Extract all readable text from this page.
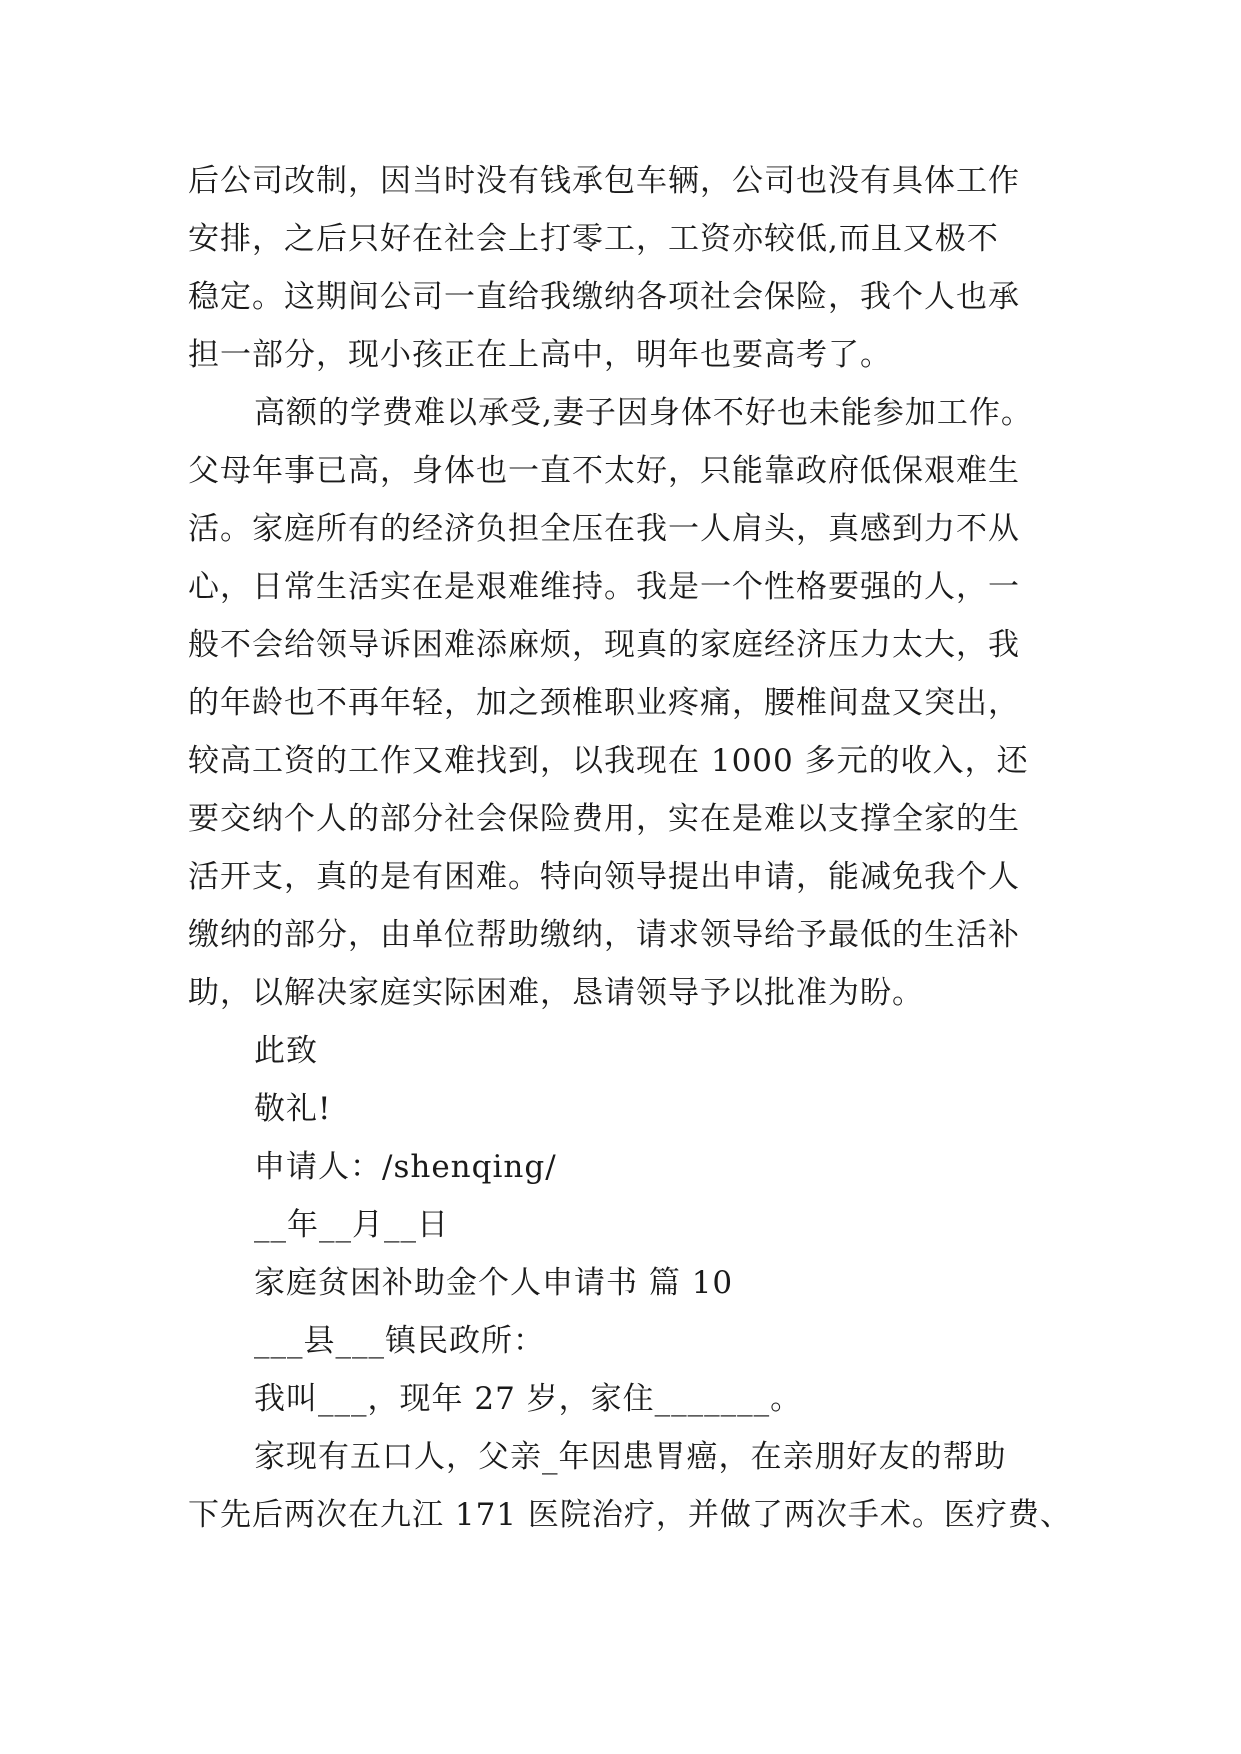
后公司改制，因当时没有钱承包车辆，公司也没有具体工作
安排，之后只好在社会上打零工，工资亦较低,而且又极不
稳定。这期间公司一直给我缴纳各项社会保险，我个人也承
担一部分，现小孩正在上高中，明年也要高考了。
高额的学费难以承受,妻子因身体不好也未能参加工作。
父母年事已高，身体也一直不太好，只能靠政府低保艰难生
活。家庭所有的经济负担全压在我一人肩头，真感到力不从
心，日常生活实在是艰难维持。我是一个性格要强的人，一
般不会给领导诉困难添麻烦，现真的家庭经济压力太大，我
的年龄也不再年轻，加之颈椎职业疼痛，腰椎间盘又突出，
较高工资的工作又难找到，以我现在 1000 多元的收入，还
要交纳个人的部分社会保险费用，实在是难以支撑全家的生
活开支，真的是有困难。特向领导提出申请，能减免我个人
缴纳的部分，由单位帮助缴纳，请求领导给予最低的生活补
助，以解决家庭实际困难，恳请领导予以批准为盼。
此致
敬礼!
申请人：/shenqing/
__年__月__日
家庭贫困补助金个人申请书 篇 10
___县___镇民政所：
我叫___，现年 27 岁，家住_______。
家现有五口人，父亲_年因患胃癌，在亲朋好友的帮助
下先后两次在九江 171 医院治疗，并做了两次手术。医疗费、
